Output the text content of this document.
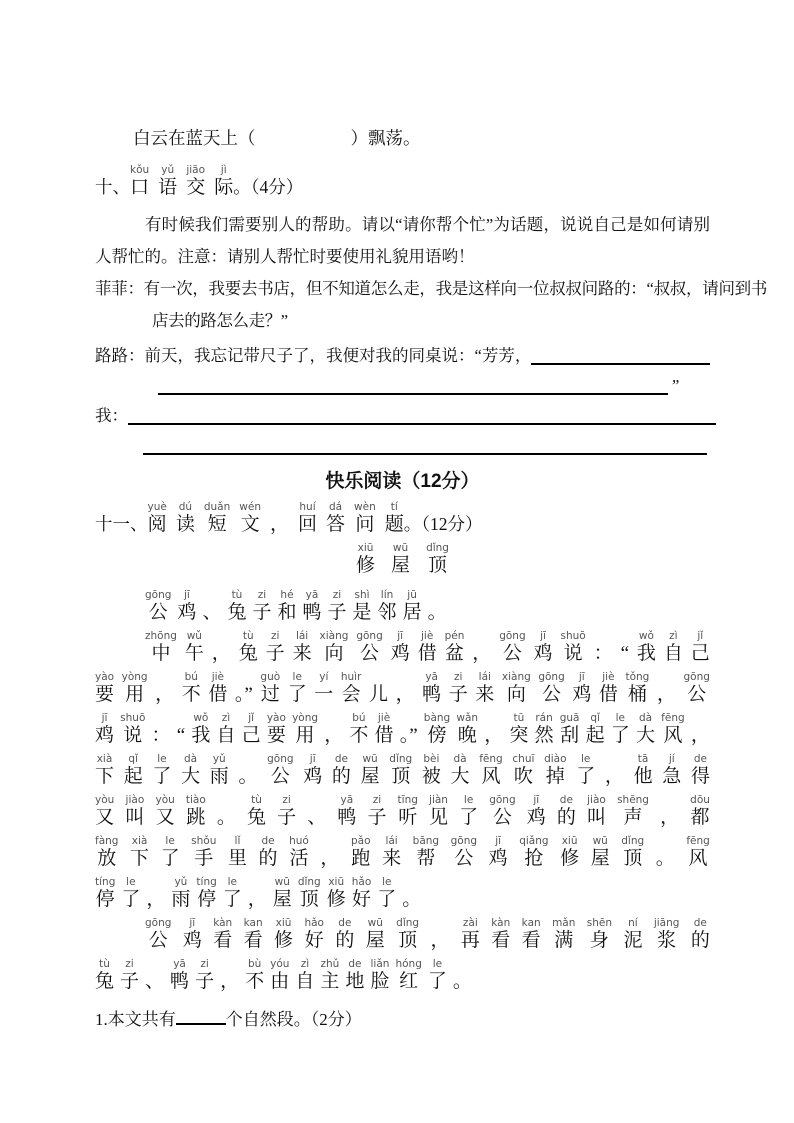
白云在蓝天上（	）飘荡。
十、
kǒu
口
yǔ
语
jiāo
交
jì
际 。（4分）
有时候我们需要别人的帮助。请以“请你帮个忙”为话题，说说自己是如何请别人帮忙的。注意：请别人帮忙时要使用礼貌用语哟！
菲菲：有一次，我要去书店，但不知道怎么走，我是这样向一位叔叔问路的：“叔叔，请问到书店去的路怎么走？”
路路：前天，我忘记带尺子了，我便对我的同桌说：“芳芳，
”
我：
快乐阅读（12分）
十一、
yuè
阅
dú
读
duǎn
短
wén
文 ，
huí
回
dá
答
wèn
问
tí
题 。（12分）
xiū
修
wū
屋
dǐng
顶
gōng
公
jī
鸡 、
tù
兔
zi
子
hé
和
yā
鸭
zi
子
shì
是
lín
邻
jū
居 。
zhōng
中
wǔ
午 ，
tù
兔
zi
子
lái
来
xiàng
向
gōng
公
jī
鸡
jiè
借
pén
盆 ，
gōng
公
jī
鸡
shuō
说 ： “
wǒ
我
zì
自
jǐ
己
yào
要
yòng
用 ，
bú
不
jiè
借 。”
guò
过
le
了
yí
一
huìr
会 儿 ，
yā
鸭
zi
子
lái
来
xiàng
向
gōng
公
jī
鸡
jiè
借
tǒng
桶 ，
gōng
公
jī
鸡
shuō
说 ： “
wǒ
我
zì
自
jǐ
己
yào
要
yòng
用 ，
bú
不
jiè
借 。”
bàng
傍
wǎn
晚 ，
tū
突
rán
然
guā
刮
qǐ
起
le
了
dà
大
fēng
风 ，
xià
下
qǐ
起
le
了
dà
大
yǔ
雨 。
gōng
公
jī
鸡
de
的
wū
屋
dǐng
顶
bèi
被
dà
大
fēng
风
chuī
吹
diào
掉
le
了 ，
tā
他
jí
急
de
得
yòu
又
jiào
叫
yòu
又
tiào
跳 。
tù
兔
zi
子 、
yā
鸭
zi
子
tīng
听
jiàn
见
le
了
gōng
公
jī
鸡
de
的
jiào
叫
shēng
声 ，
dōu
都
fàng
放
xià
下
le
了
shǒu
手
lǐ
里
de
的
huó
活 ，
pǎo
跑
lái
来
bāng
帮
gōng
公
jī
鸡
qiǎng
抢
xiū
修
wū
屋
dǐng
顶 。
fēng
风
tíng
停
le
了 ，
yǔ
雨
tíng
停
le
了 ，
wū
屋
dǐng
顶
xiū
修
hǎo
好
le
了 。
gōng
公
jī
鸡
kàn
看
kan
看
xiū
修
hǎo
好
de
的
wū
屋
dǐng
顶 ，
zài
再
kàn
看
kan
看
mǎn
满
shēn
身
ní
泥
jiāng
浆
de
的
tù
兔
zi
子 、
yā
鸭
zi
子 ，
bù
不
yóu
由
zì
自
zhǔ
主
de
地
liǎn
脸
hóng
红
le
了 。
1.本文共有	个自然段。（2分）
